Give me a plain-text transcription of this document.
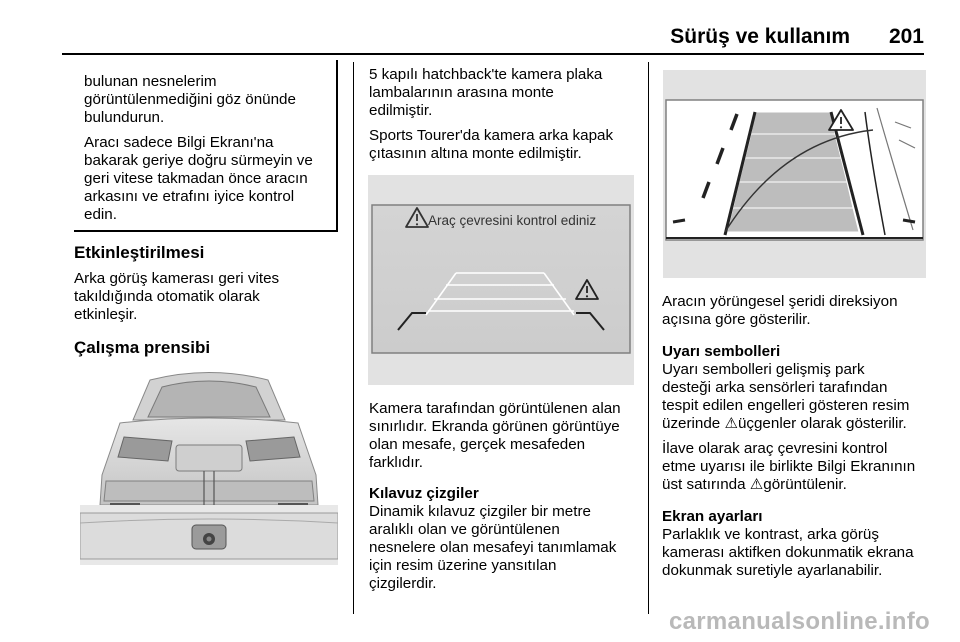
Sürüş ve kullanım 201
bulunan nesnelerim
görüntülenmediğini göz önünde
bulundurun.
Aracı sadece Bilgi Ekranı'na
bakarak geriye doğru sürmeyin ve
geri vitese takmadan önce aracın
arkasını ve etrafını iyice kontrol
edin.
Etkinleştirilmesi
Arka görüş kamerası geri vites
takıldığında otomatik olarak
etkinleşir.
Çalışma prensibi
5 kapılı hatchback'te kamera plaka
lambalarının arasına monte
edilmiştir.
Sports Tourer'da kamera arka kapak
çıtasının altına monte edilmiştir.
Araç çevresini kontrol ediniz
Kamera tarafından görüntülenen alan
sınırlıdır. Ekranda görünen görüntüye
olan mesafe, gerçek mesafeden
farklıdır.
Kılavuz çizgiler
Dinamik kılavuz çizgiler bir metre
aralıklı olan ve görüntülenen
nesnelere olan mesafeyi tanımlamak
için resim üzerine yansıtılan
çizgilerdir.
Aracın yörüngesel şeridi direksiyon
açısına göre gösterilir.
Uyarı sembolleri
Uyarı sembolleri gelişmiş park
desteği arka sensörleri tarafından
tespit edilen engelleri gösteren resim
üzerinde ⚠üçgenler olarak gösterilir.
İlave olarak araç çevresini kontrol
etme uyarısı ile birlikte Bilgi Ekranının
üst satırında ⚠görüntülenir.
Ekran ayarları
Parlaklık ve kontrast, arka görüş
kamerası aktifken dokunmatik ekrana
dokunmak suretiyle ayarlanabilir.
carmanualsonline.info
